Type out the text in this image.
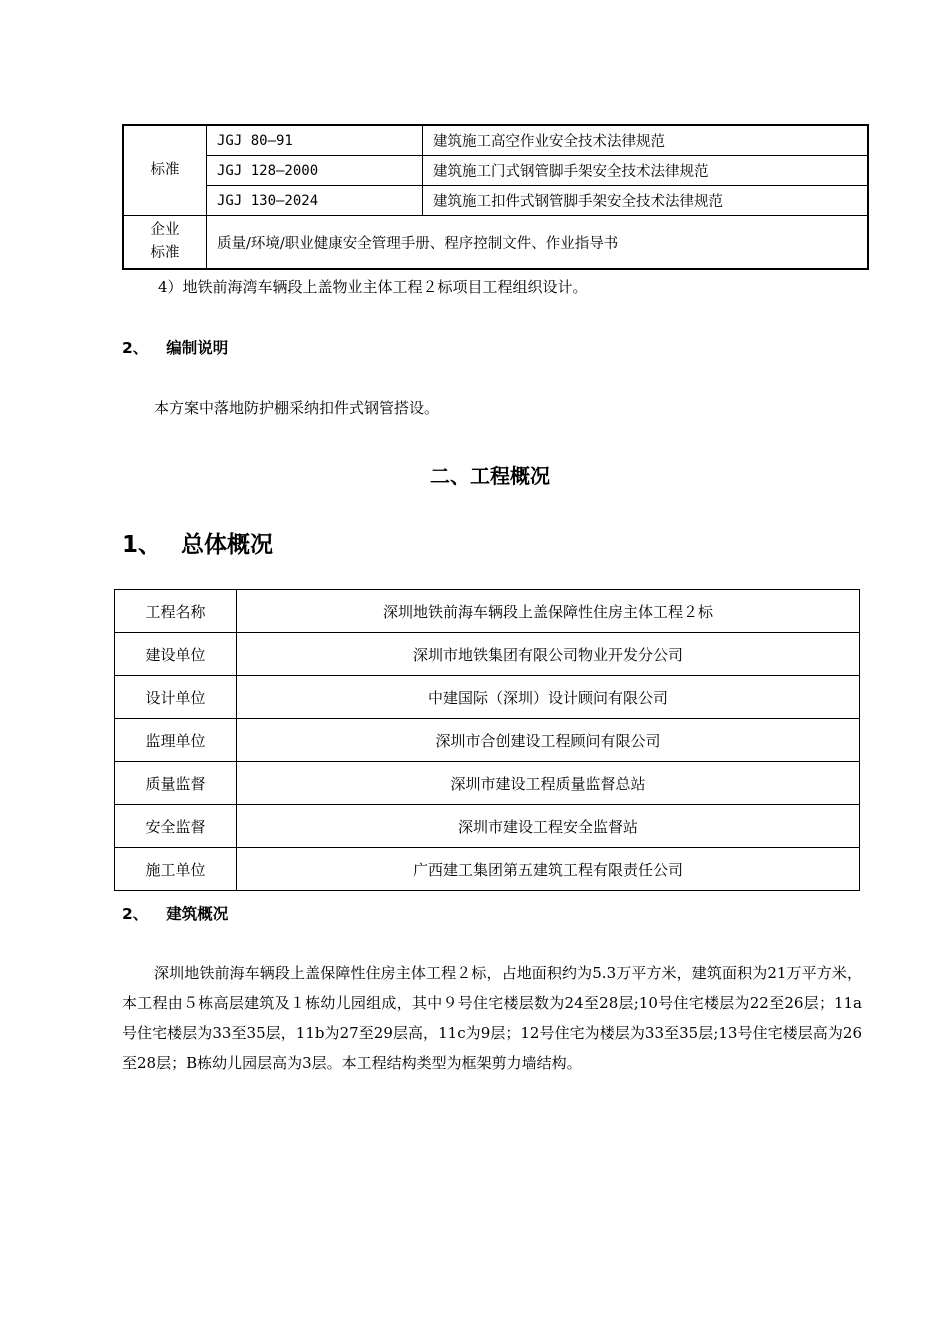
标准	JGJ 80—91	建筑施工高空作业安全技术法律规范
	JGJ 128—2000	建筑施工门式钢管脚手架安全技术法律规范
	JGJ 130—2024	建筑施工扣件式钢管脚手架安全技术法律规范
企业
标准	质量/环境/职业健康安全管理手册、程序控制文件、作业指导书	
4）地铁前海湾车辆段上盖物业主体工程２标项目工程组织设计。
2、 编制说明
本方案中落地防护棚采纳扣件式钢管搭设。
二、工程概况
1、 总体概况
工程名称	深圳地铁前海车辆段上盖保障性住房主体工程２标
建设单位	深圳市地铁集团有限公司物业开发分公司
设计单位	中建国际（深圳）设计顾问有限公司
监理单位	深圳市合创建设工程顾问有限公司
质量监督	深圳市建设工程质量监督总站
安全监督	深圳市建设工程安全监督站
施工单位	广西建工集团第五建筑工程有限责任公司
2、 建筑概况

深圳地铁前海车辆段上盖保障性住房主体工程２标，占地面积约为5.3万平方米，建筑面积为21万平方米，本工程由５栋高层建筑及１栋幼儿园组成，其中９号住宅楼层数为24至28层;10号住宅楼层为22至26层；11a号住宅楼层为33至35层，11b为27至29层高，11c为9层；12号住宅为楼层为33至35层;13号住宅楼层高为26至28层；B栋幼儿园层高为3层。本工程结构类型为框架剪力墙结构。
